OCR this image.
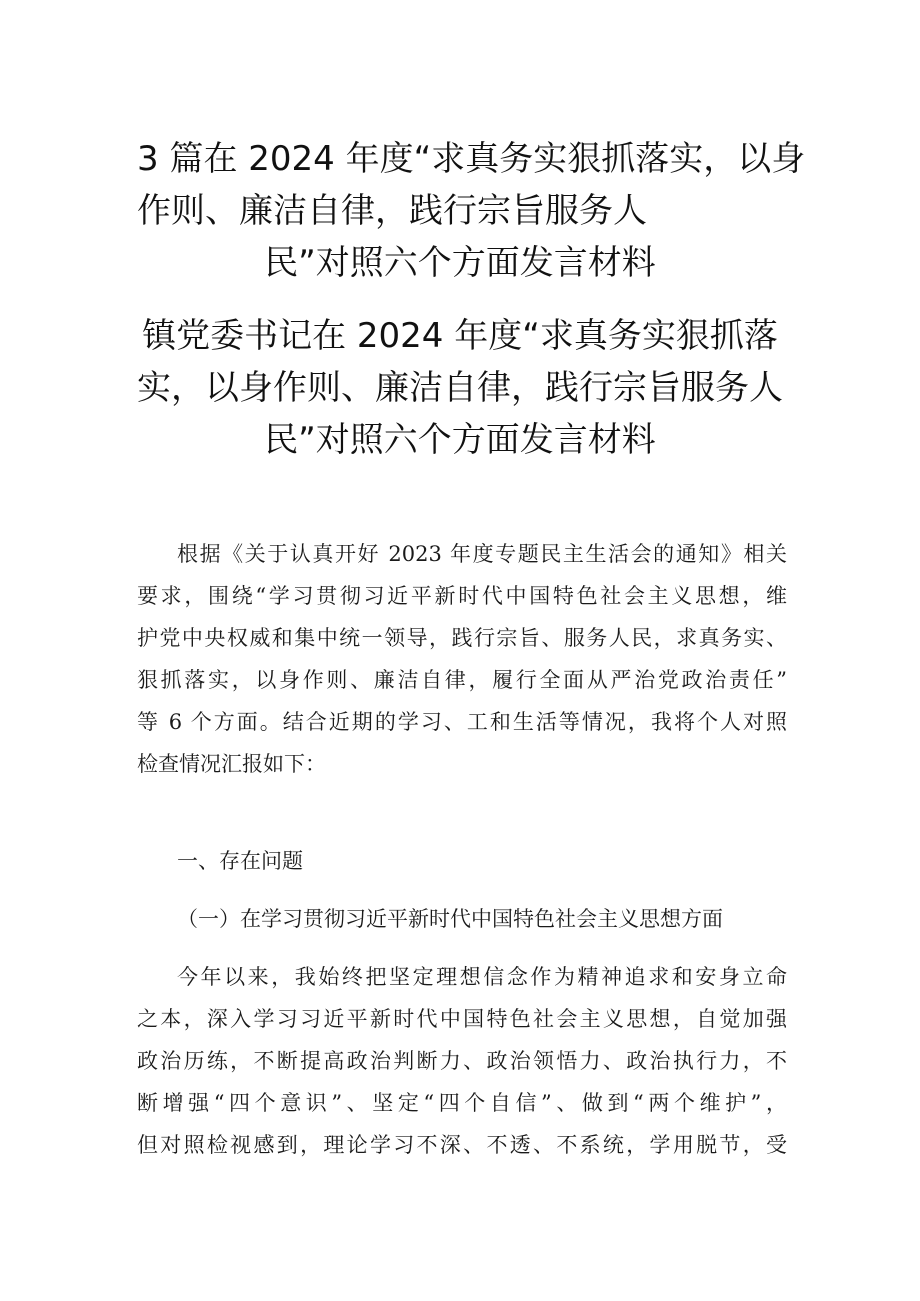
3 篇在 2024 年度“求真务实狠抓落实，以身
作则、廉洁自律，践行宗旨服务人
民”对照六个方面发言材料
镇党委书记在 2024 年度“求真务实狠抓落
实，以身作则、廉洁自律，践行宗旨服务人
民”对照六个方面发言材料
根据《关于认真开好 2023 年度专题民主生活会的通知》相关
要求，围绕“学习贯彻习近平新时代中国特色社会主义思想，维
护党中央权威和集中统一领导，践行宗旨、服务人民，求真务实、
狠抓落实，以身作则、廉洁自律，履行全面从严治党政治责任”
等 6 个方面。结合近期的学习、工和生活等情况，我将个人对照
检查情况汇报如下：
一、存在问题
（一）在学习贯彻习近平新时代中国特色社会主义思想方面
今年以来，我始终把坚定理想信念作为精神追求和安身立命
之本，深入学习习近平新时代中国特色社会主义思想，自觉加强
政治历练，不断提高政治判断力、政治领悟力、政治执行力，不
断增强“四个意识”、坚定“四个自信”、做到“两个维护”，
但对照检视感到，理论学习不深、不透、不系统，学用脱节，受
